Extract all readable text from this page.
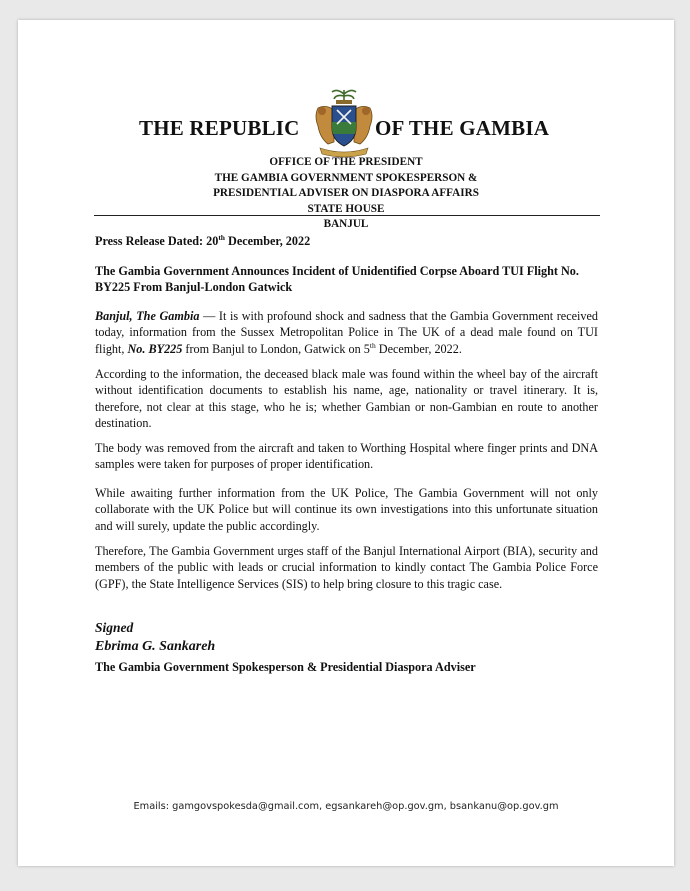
THE REPUBLIC	OF THE GAMBIA
OFFICE OF THE PRESIDENT
THE GAMBIA GOVERNMENT SPOKESPERSON &
PRESIDENTIAL ADVISER ON DIASPORA AFFAIRS
STATE HOUSE
BANJUL
Press Release Dated: 20th December, 2022
The Gambia Government Announces Incident of Unidentified Corpse Aboard TUI Flight No. BY225 From Banjul-London Gatwick
Banjul, The Gambia — It is with profound shock and sadness that the Gambia Government received today, information from the Sussex Metropolitan Police in The UK of a dead male found on TUI flight, No. BY225 from Banjul to London, Gatwick on 5th December, 2022.
According to the information, the deceased black male was found within the wheel bay of the aircraft without identification documents to establish his name, age, nationality or travel itinerary. It is, therefore, not clear at this stage, who he is; whether Gambian or non-Gambian en route to another destination.
The body was removed from the aircraft and taken to Worthing Hospital where finger prints and DNA samples were taken for purposes of proper identification.
While awaiting further information from the UK Police, The Gambia Government will not only collaborate with the UK Police but will continue its own investigations into this unfortunate situation and will surely, update the public accordingly.
Therefore, The Gambia Government urges staff of the Banjul International Airport (BIA), security and members of the public with leads or crucial information to kindly contact The Gambia Police Force (GPF), the State Intelligence Services (SIS) to help bring closure to this tragic case.
Signed
Ebrima G. Sankareh
The Gambia Government Spokesperson & Presidential Diaspora Adviser
Emails: gamgovspokesda@gmail.com, egsankareh@op.gov.gm, bsankanu@op.gov.gm
